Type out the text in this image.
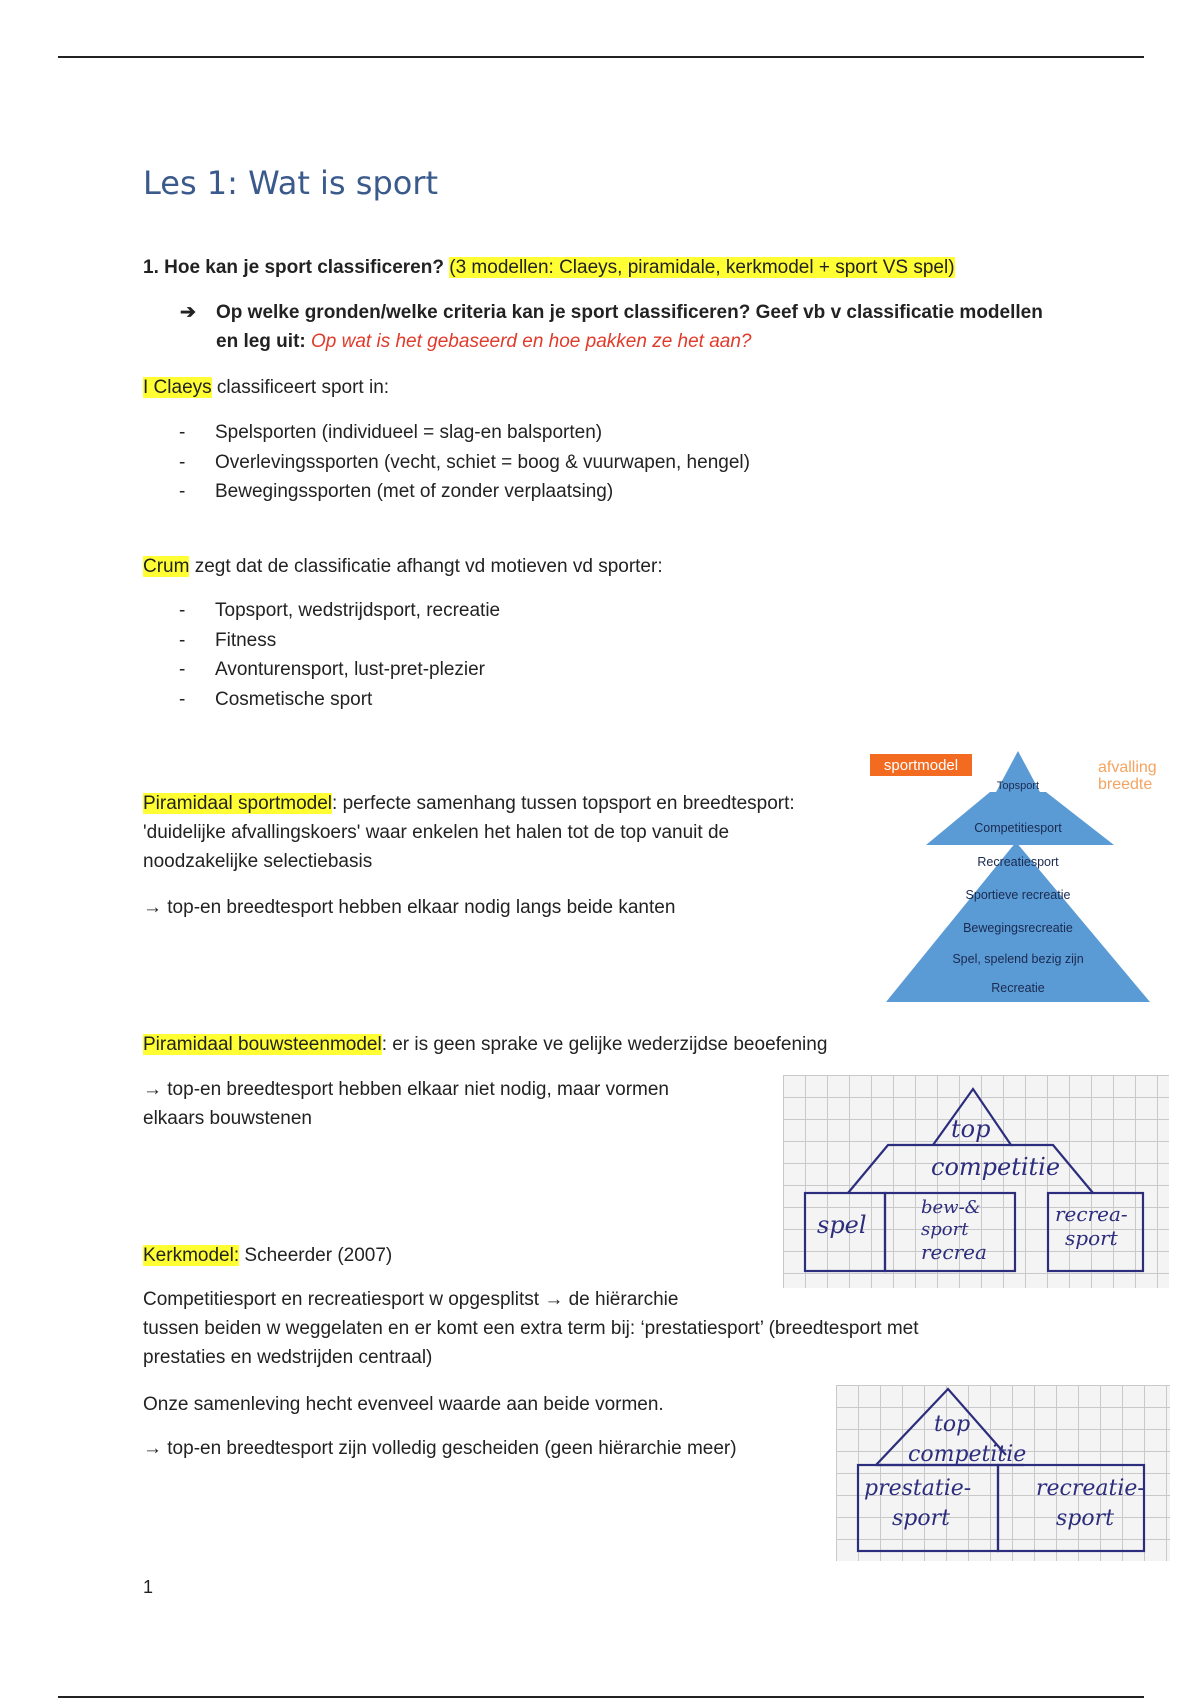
Les 1: Wat is sport
1. Hoe kan je sport classificeren? (3 modellen: Claeys, piramidale, kerkmodel + sport VS spel)
➔ Op welke gronden/welke criteria kan je sport classificeren? Geef vb v classificatie modellen
en leg uit: Op wat is het gebaseerd en hoe pakken ze het aan?
I Claeys classificeert sport in:
- Spelsporten (individueel = slag-en balsporten)
- Overlevingssporten (vecht, schiet = boog & vuurwapen, hengel)
- Bewegingssporten (met of zonder verplaatsing)
Crum zegt dat de classificatie afhangt vd motieven vd sporter:
- Topsport, wedstrijdsport, recreatie
- Fitness
- Avonturensport, lust-pret-plezier
- Cosmetische sport
Piramidaal sportmodel: perfecte samenhang tussen topsport en breedtesport:
'duidelijke afvallingskoers' waar enkelen het halen tot de top vanuit de
noodzakelijke selectiebasis
→ top-en breedtesport hebben elkaar nodig langs beide kanten
sportmodel	afvalling
breedte
Topsport
Competitiesport
Recreatiesport
Sportieve recreatie
Bewegingsrecreatie
Spel, spelend bezig zijn
Recreatie
Piramidaal bouwsteenmodel: er is geen sprake ve gelijke wederzijdse beoefening
→ top-en breedtesport hebben elkaar niet nodig, maar vormen
elkaars bouwstenen	top
competitie
spel
bew-&
sport
recrea
recrea-
sport
Kerkmodel: Scheerder (2007)
Competitiesport en recreatiesport w opgesplitst → de hiërarchie
tussen beiden w weggelaten en er komt een extra term bij: ‘prestatiesport’ (breedtesport met
prestaties en wedstrijden centraal)
Onze samenleving hecht evenveel waarde aan beide vormen.
→ top-en breedtesport zijn volledig gescheiden (geen hiërarchie meer)
top
competitie
prestatie-
sport
recreatie-
sport
1
